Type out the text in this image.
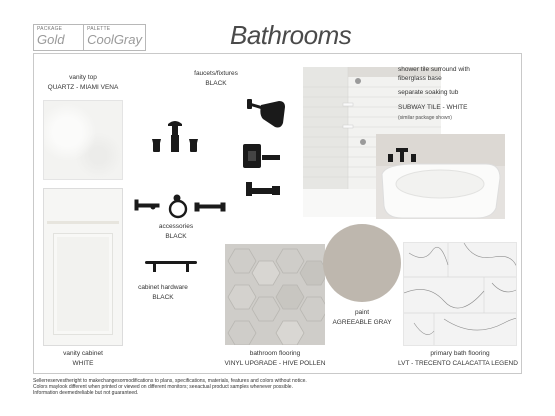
PACKAGE
Gold
PALETTE
CoolGray	Bathrooms
vanity top
QUARTZ - MIAMI VENA
vanity cabinet
WHITE
faucets/fixtures
BLACK
accessories
BLACK
cabinet hardware
BLACK
shower tile surround with
fiberglass base
separate soaking tub
SUBWAY TILE - WHITE
(similar package shown)
bathroom flooring
VINYL UPGRADE - HIVE POLLEN
paint
AGREEABLE GRAY
primary bath flooring
LVT - TRECENTO CALACATTA LEGEND
Sellerreservestheright to makechangesormodifications to plans, specifications, materials, features and colors without notice.
Colors maylook different when printed or viewed on different monitors; seeactual product samples whenever possible.
Information deemedreliable but not guaranteed.
